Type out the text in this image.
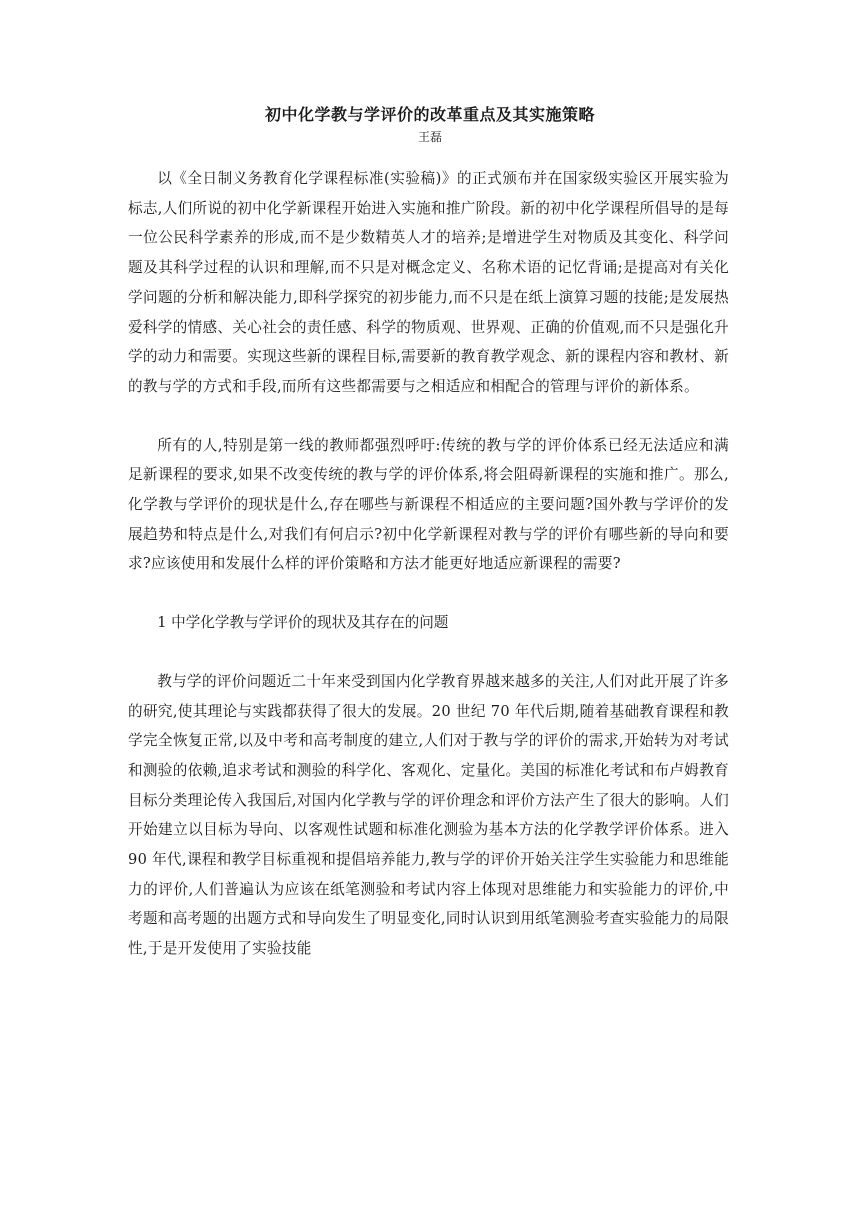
初中化学教与学评价的改革重点及其实施策略
王磊

以《全日制义务教育化学课程标准(实验稿)》的正式颁布并在国家级实验区开展实验为标志,人们所说的初中化学新课程开始进入实施和推广阶段。新的初中化学课程所倡导的是每一位公民科学素养的形成,而不是少数精英人才的培养;是增进学生对物质及其变化、科学问题及其科学过程的认识和理解,而不只是对概念定义、名称术语的记忆背诵;是提高对有关化学问题的分析和解决能力,即科学探究的初步能力,而不只是在纸上演算习题的技能;是发展热爱科学的情感、关心社会的责任感、科学的物质观、世界观、正确的价值观,而不只是强化升学的动力和需要。实现这些新的课程目标,需要新的教育教学观念、新的课程内容和教材、新的教与学的方式和手段,而所有这些都需要与之相适应和相配合的管理与评价的新体系。

所有的人,特别是第一线的教师都强烈呼吁:传统的教与学的评价体系已经无法适应和满足新课程的要求,如果不改变传统的教与学的评价体系,将会阻碍新课程的实施和推广。那么,化学教与学评价的现状是什么,存在哪些与新课程不相适应的主要问题?国外教与学评价的发展趋势和特点是什么,对我们有何启示?初中化学新课程对教与学的评价有哪些新的导向和要求?应该使用和发展什么样的评价策略和方法才能更好地适应新课程的需要?

1 中学化学教与学评价的现状及其存在的问题

教与学的评价问题近二十年来受到国内化学教育界越来越多的关注,人们对此开展了许多的研究,使其理论与实践都获得了很大的发展。20 世纪 70 年代后期,随着基础教育课程和教学完全恢复正常,以及中考和高考制度的建立,人们对于教与学的评价的需求,开始转为对考试和测验的依赖,追求考试和测验的科学化、客观化、定量化。美国的标准化考试和布卢姆教育目标分类理论传入我国后,对国内化学教与学的评价理念和评价方法产生了很大的影响。人们开始建立以目标为导向、以客观性试题和标准化测验为基本方法的化学教学评价体系。进入 90 年代,课程和教学目标重视和提倡培养能力,教与学的评价开始关注学生实验能力和思维能力的评价,人们普遍认为应该在纸笔测验和考试内容上体现对思维能力和实验能力的评价,中考题和高考题的出题方式和导向发生了明显变化,同时认识到用纸笔测验考查实验能力的局限性,于是开发使用了实验技能
